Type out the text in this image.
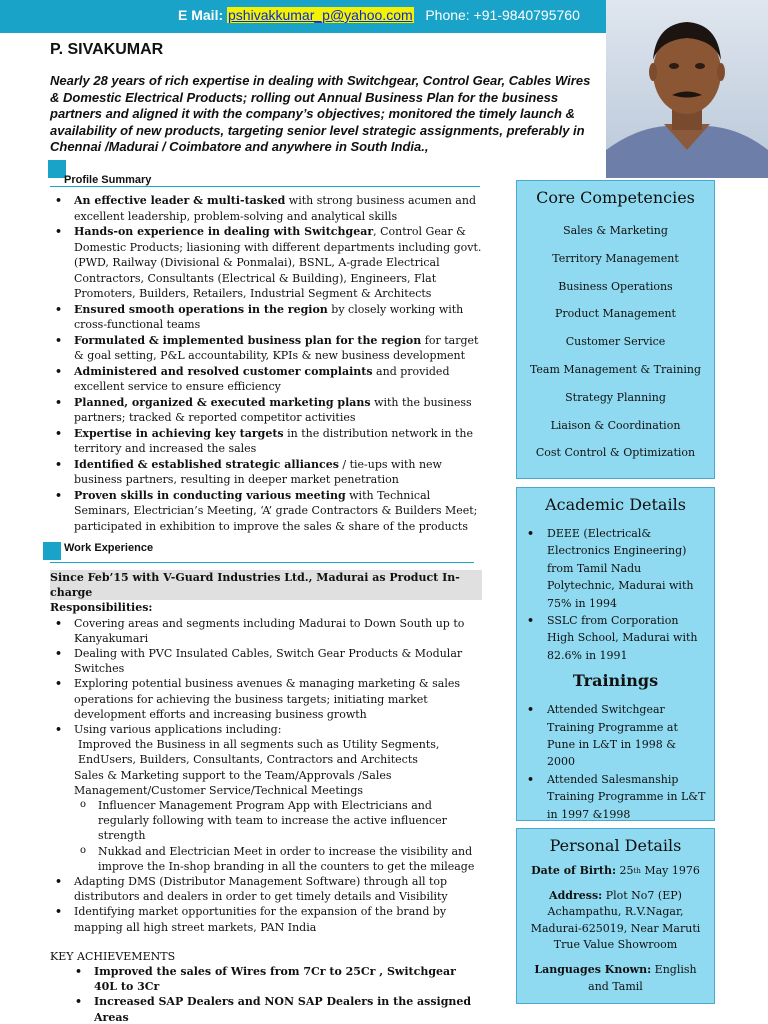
E Mail: pshivakkumar_p@yahoo.com Phone: +91-9840795760
P. SIVAKUMAR
Nearly 28 years of rich expertise in dealing with Switchgear, Control Gear, Cables Wires & Domestic Electrical Products; rolling out Annual Business Plan for the business partners and aligned it with the company’s objectives; monitored the timely launch & availability of new products, targeting senior level strategic assignments, preferably in Chennai /Madurai / Coimbatore and anywhere in South India.,
Profile Summary
• An effective leader & multi-tasked with strong business acumen and excellent leadership, problem-solving and analytical skills
• Hands-on experience in dealing with Switchgear, Control Gear & Domestic Products; liasioning with different departments including govt. (PWD, Railway (Divisional & Ponmalai), BSNL, A-grade Electrical Contractors, Consultants (Electrical & Building), Engineers, Flat Promoters, Builders, Retailers, Industrial Segment & Architects
• Ensured smooth operations in the region by closely working with cross-functional teams
• Formulated & implemented business plan for the region for target & goal setting, P&L accountability, KPIs & new business development
• Administered and resolved customer complaints and provided excellent service to ensure efficiency
• Planned, organized & executed marketing plans with the business partners; tracked & reported competitor activities
• Expertise in achieving key targets in the distribution network in the territory and increased the sales
• Identified & established strategic alliances / tie-ups with new business partners, resulting in deeper market penetration
• Proven skills in conducting various meeting with Technical Seminars, Electrician’s Meeting, ‘A’ grade Contractors & Builders Meet; participated in exhibition to improve the sales & share of the products
Work Experience
Since Feb’15 with V-Guard Industries Ltd., Madurai as Product In-charge
Responsibilities:
• Covering areas and segments including Madurai to Down South up to Kanyakumari
• Dealing with PVC Insulated Cables, Switch Gear Products & Modular Switches
• Exploring potential business avenues & managing marketing & sales operations for achieving the business targets; initiating market development efforts and increasing business growth
• Using various applications including:
Improved the Business in all segments such as Utility Segments, EndUsers, Builders, Consultants, Contractors and Architects
Sales & Marketing support to the Team/Approvals /Sales Management/Customer Service/Technical Meetings
o Influencer Management Program App with Electricians and regularly following with team to increase the active influencer strength
o Nukkad and Electrician Meet in order to increase the visibility and improve the In-shop branding in all the counters to get the mileage
• Adapting DMS (Distributor Management Software) through all top distributors and dealers in order to get timely details and Visibility
• Identifying market opportunities for the expansion of the brand by mapping all high street markets, PAN India
KEY ACHIEVEMENTS
• Improved the sales of Wires from 7Cr to 25Cr , Switchgear 40L to 3Cr
• Increased SAP Dealers and NON SAP Dealers in the assigned Areas
Core Competencies
Sales & Marketing
Territory Management
Business Operations
Product Management
Customer Service
Team Management & Training
Strategy Planning
Liaison & Coordination
Cost Control & Optimization
Academic Details
• DEEE (Electrical& Electronics Engineering) from Tamil Nadu Polytechnic, Madurai with 75% in 1994
• SSLC from Corporation High School, Madurai with 82.6% in 1991
Trainings
• Attended Switchgear Training Programme at Pune in L&T in 1998 & 2000
• Attended Salesmanship Training Programme in L&T in 1997 &1998
Personal Details

Date of Birth: 25th May 1976

Address: Plot No7 (EP) Achampathu, R.V.Nagar, Madurai-625019, Near Maruti True Value Showroom

Languages Known: English and Tamil
